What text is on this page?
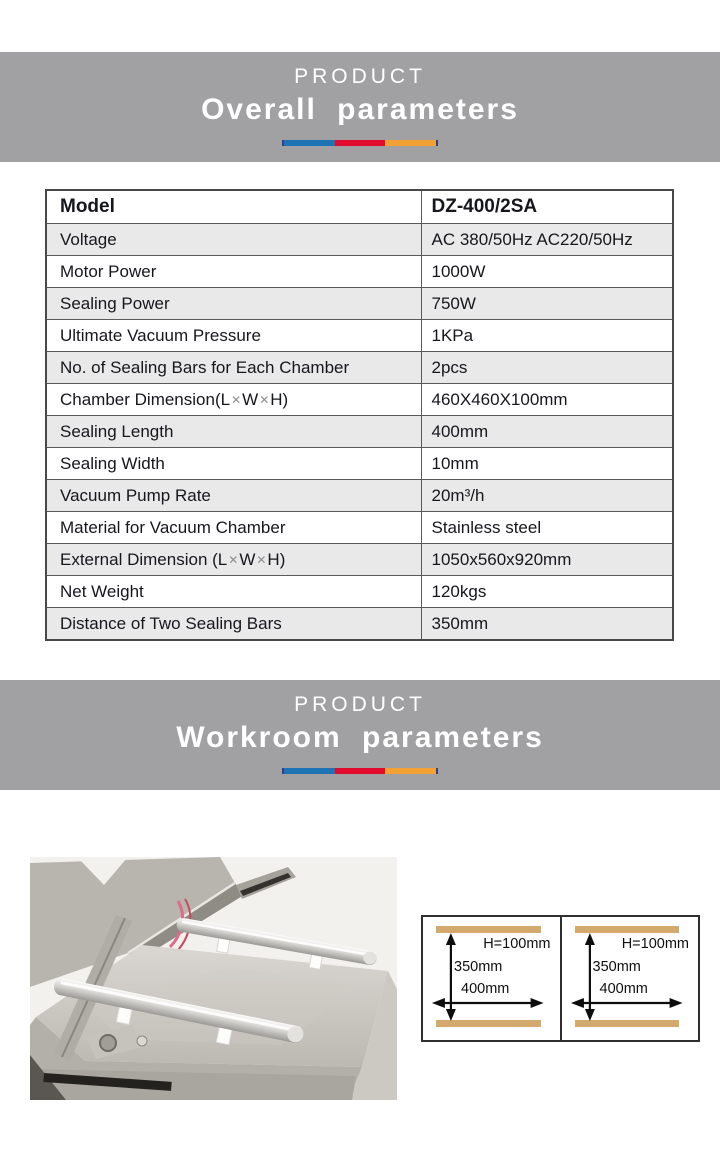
PRODUCT
Overall parameters
Model	DZ-400/2SA
Voltage	AC 380/50Hz AC220/50Hz
Motor Power	1000W
Sealing Power	750W
Ultimate Vacuum Pressure	1KPa
No. of Sealing Bars for Each Chamber	2pcs
Chamber Dimension(L✕W✕H)	460X460X100mm
Sealing Length	400mm
Sealing Width	10mm
Vacuum Pump Rate	20m³/h
Material for Vacuum Chamber	Stainless steel
External Dimension (L✕W✕H)	1050x560x920mm
Net Weight	120kgs
Distance of Two Sealing Bars	350mm
PRODUCT
Workroom parameters
H=100mm
350mm
400mm
H=100mm
350mm
400mm
